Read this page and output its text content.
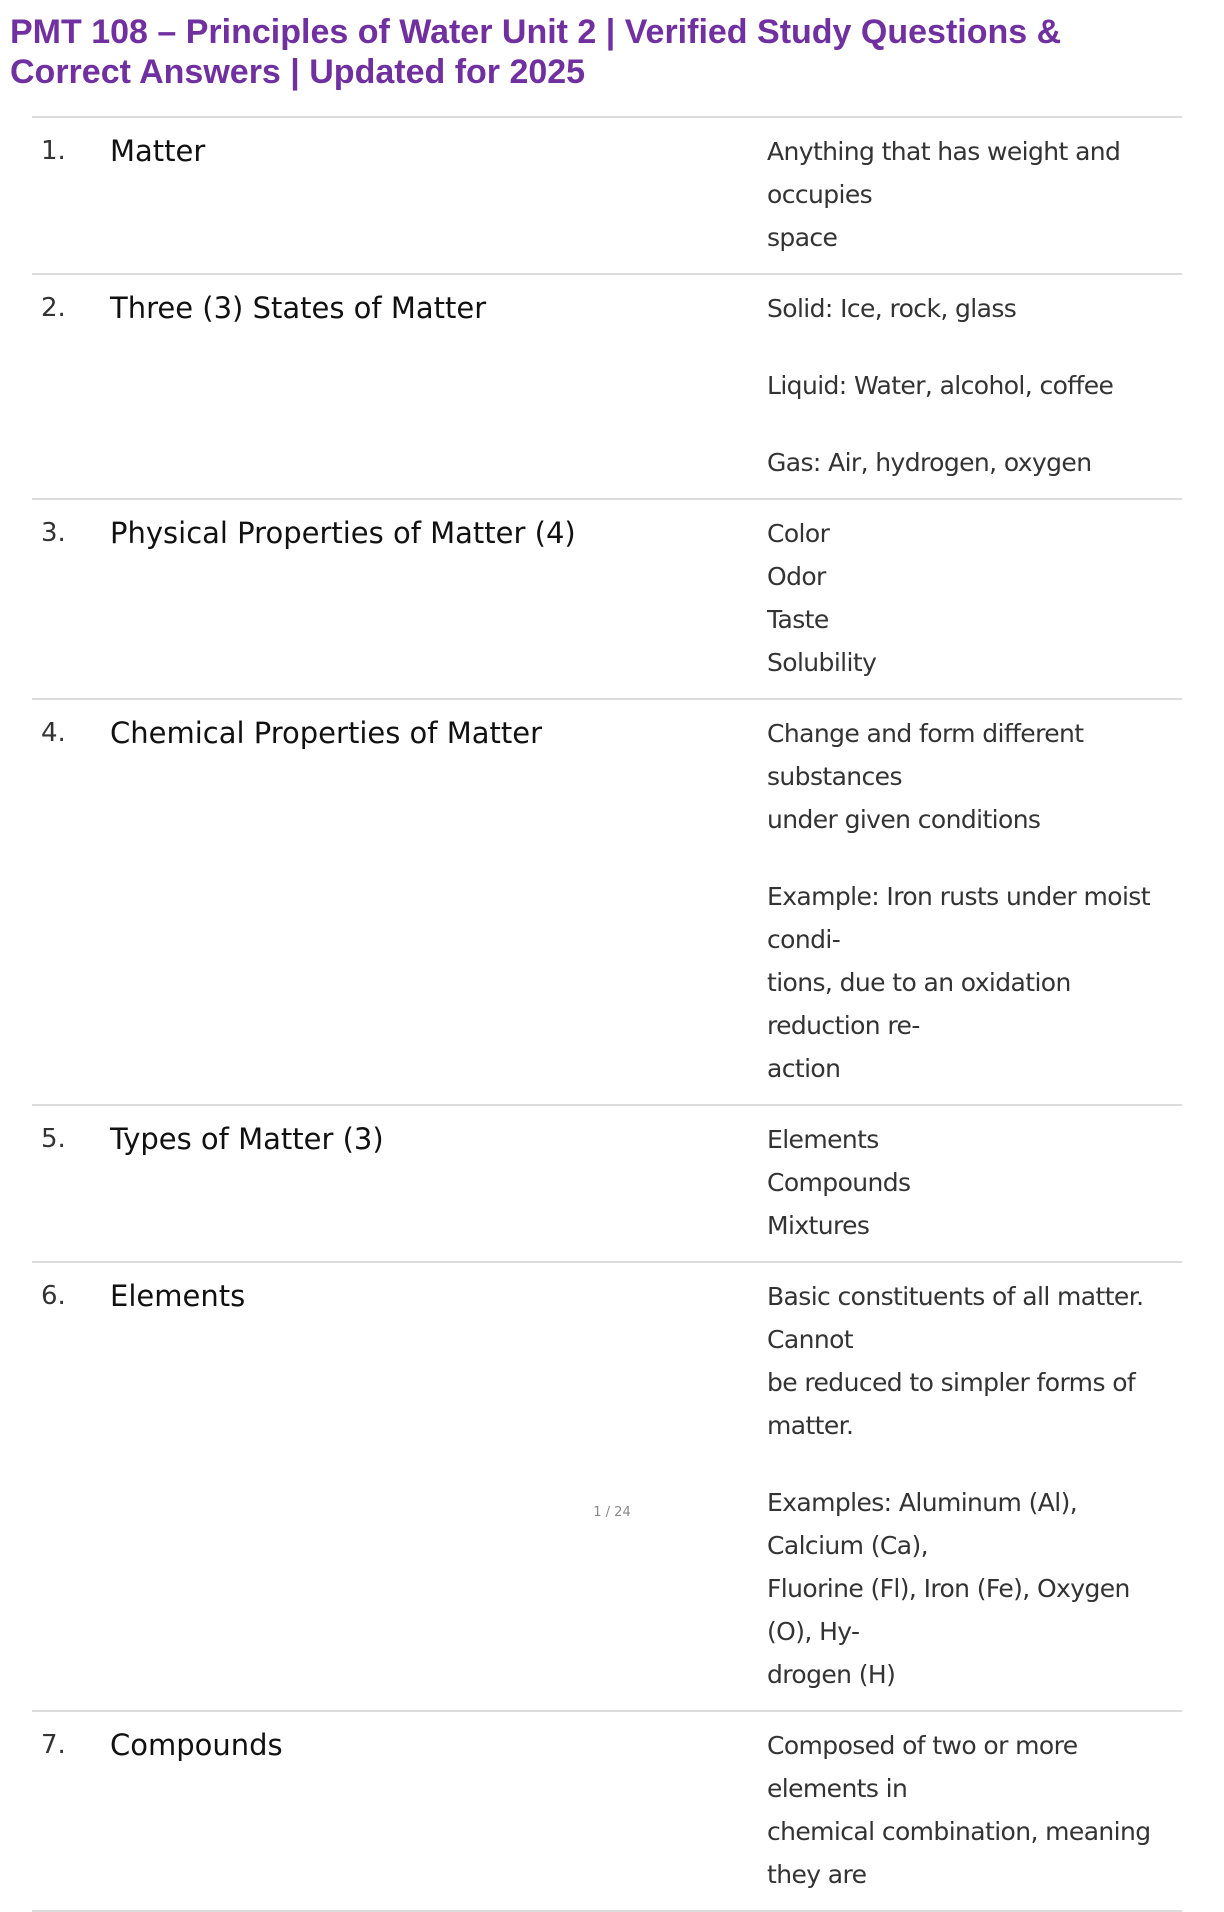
PMT 108 – Principles of Water Unit 2 | Verified Study Questions &
Correct Answers | Updated for 2025
1.	Matter	Anything that has weight and occupies
space
2.	Three (3) States of Matter	Solid: Ice, rock, glass
Liquid: Water, alcohol, coffee
Gas: Air, hydrogen, oxygen
3.	Physical Properties of Matter (4)	Color
Odor
Taste
Solubility
4.	Chemical Properties of Matter	Change and form different substances
under given conditions
Example: Iron rusts under moist condi-
tions, due to an oxidation reduction re-
action
5.	Types of Matter (3)	Elements
Compounds
Mixtures
6.	Elements	Basic constituents of all matter. Cannot
be reduced to simpler forms of matter.
Examples: Aluminum (Al), Calcium (Ca),
Fluorine (Fl), Iron (Fe), Oxygen (O), Hy-
drogen (H)
7.	Compounds	Composed of two or more elements in
chemical combination, meaning they are
1 / 24
